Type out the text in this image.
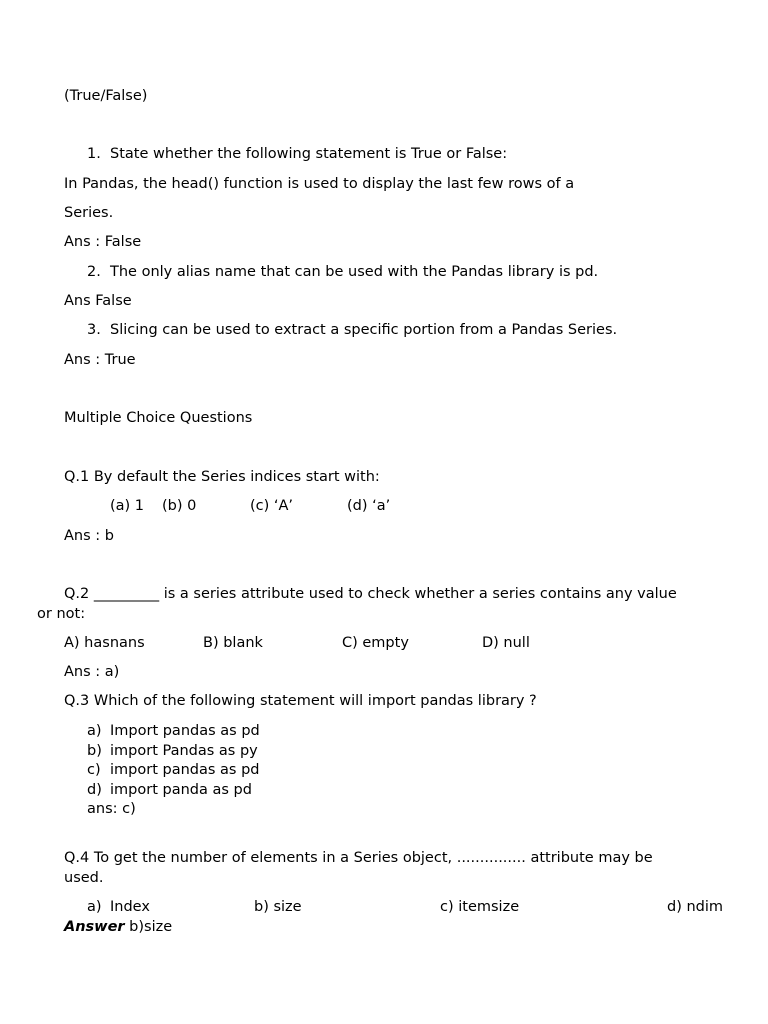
(True/False)
1. State whether the following statement is True or False:
In Pandas, the head() function is used to display the last few rows of a
Series.
Ans : False
2. The only alias name that can be used with the Pandas library is pd.
Ans False
3. Slicing can be used to extract a specific portion from a Pandas Series.
Ans : True
Multiple Choice Questions
Q.1 By default the Series indices start with:
(a) 1 (b) 0	(c) ‘A’	(d) ‘a’
Ans : b
Q.2 _________ is a series attribute used to check whether a series contains any value
or not:
A) hasnans	B) blank	C) empty	D) null
Ans : a)
Q.3 Which of the following statement will import pandas library ?
a) Import pandas as pd
b) import Pandas as py
c) import pandas as pd
d) import panda as pd
ans: c)
Q.4 To get the number of elements in a Series object, ............... attribute may be
used.
a) Index	b) size	c) itemsize	d) ndim
Answer b)size
